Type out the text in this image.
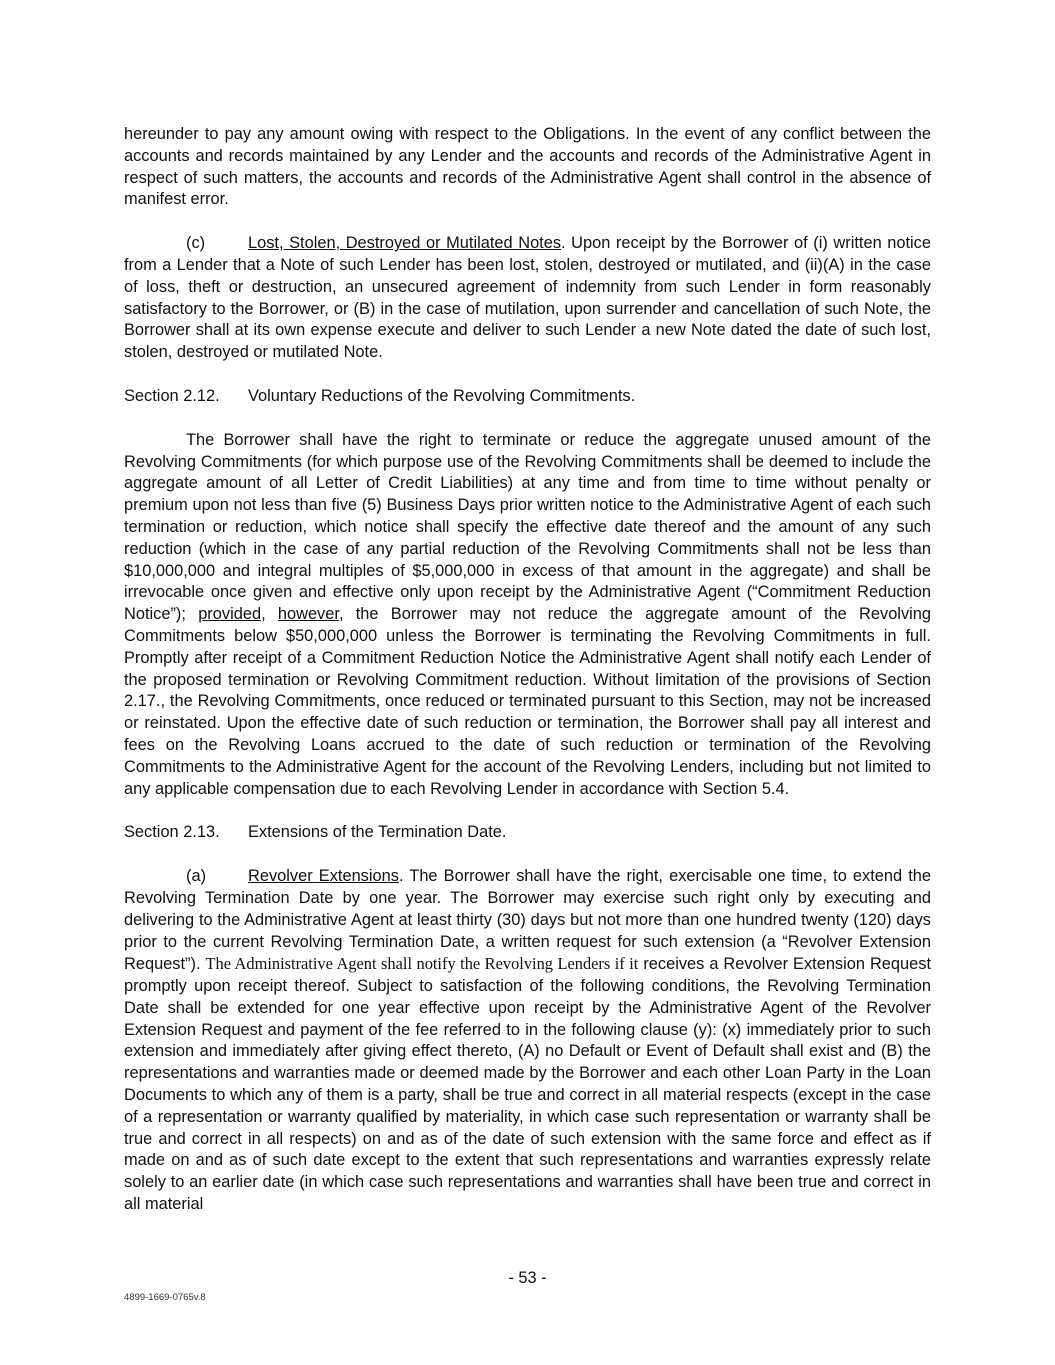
hereunder to pay any amount owing with respect to the Obligations. In the event of any conflict between the accounts and records maintained by any Lender and the accounts and records of the Administrative Agent in respect of such matters, the accounts and records of the Administrative Agent shall control in the absence of manifest error.

(c)	Lost, Stolen, Destroyed or Mutilated Notes. Upon receipt by the Borrower of (i) written notice from a Lender that a Note of such Lender has been lost, stolen, destroyed or mutilated, and (ii)(A) in the case of loss, theft or destruction, an unsecured agreement of indemnity from such Lender in form reasonably satisfactory to the Borrower, or (B) in the case of mutilation, upon surrender and cancellation of such Note, the Borrower shall at its own expense execute and deliver to such Lender a new Note dated the date of such lost, stolen, destroyed or mutilated Note.

Section 2.12. Voluntary Reductions of the Revolving Commitments.

The Borrower shall have the right to terminate or reduce the aggregate unused amount of the Revolving Commitments (for which purpose use of the Revolving Commitments shall be deemed to include the aggregate amount of all Letter of Credit Liabilities) at any time and from time to time without penalty or premium upon not less than five (5) Business Days prior written notice to the Administrative Agent of each such termination or reduction, which notice shall specify the effective date thereof and the amount of any such reduction (which in the case of any partial reduction of the Revolving Commitments shall not be less than $10,000,000 and integral multiples of $5,000,000 in excess of that amount in the aggregate) and shall be irrevocable once given and effective only upon receipt by the Administrative Agent (“Commitment Reduction Notice”); provided, however, the Borrower may not reduce the aggregate amount of the Revolving Commitments below $50,000,000 unless the Borrower is terminating the Revolving Commitments in full. Promptly after receipt of a Commitment Reduction Notice the Administrative Agent shall notify each Lender of the proposed termination or Revolving Commitment reduction. Without limitation of the provisions of Section 2.17., the Revolving Commitments, once reduced or terminated pursuant to this Section, may not be increased or reinstated. Upon the effective date of such reduction or termination, the Borrower shall pay all interest and fees on the Revolving Loans accrued to the date of such reduction or termination of the Revolving Commitments to the Administrative Agent for the account of the Revolving Lenders, including but not limited to any applicable compensation due to each Revolving Lender in accordance with Section 5.4.

Section 2.13. Extensions of the Termination Date.

(a)	Revolver Extensions. The Borrower shall have the right, exercisable one time, to extend the Revolving Termination Date by one year. The Borrower may exercise such right only by executing and delivering to the Administrative Agent at least thirty (30) days but not more than one hundred twenty (120) days prior to the current Revolving Termination Date, a written request for such extension (a “Revolver Extension Request”). The Administrative Agent shall notify the Revolving Lenders if it receives a Revolver Extension Request promptly upon receipt thereof. Subject to satisfaction of the following conditions, the Revolving Termination Date shall be extended for one year effective upon receipt by the Administrative Agent of the Revolver Extension Request and payment of the fee referred to in the following clause (y): (x) immediately prior to such extension and immediately after giving effect thereto, (A) no Default or Event of Default shall exist and (B) the representations and warranties made or deemed made by the Borrower and each other Loan Party in the Loan Documents to which any of them is a party, shall be true and correct in all material respects (except in the case of a representation or warranty qualified by materiality, in which case such representation or warranty shall be true and correct in all respects) on and as of the date of such extension with the same force and effect as if made on and as of such date except to the extent that such representations and warranties expressly relate solely to an earlier date (in which case such representations and warranties shall have been true and correct in all material

- 53 -
4899-1669-0765v.8
